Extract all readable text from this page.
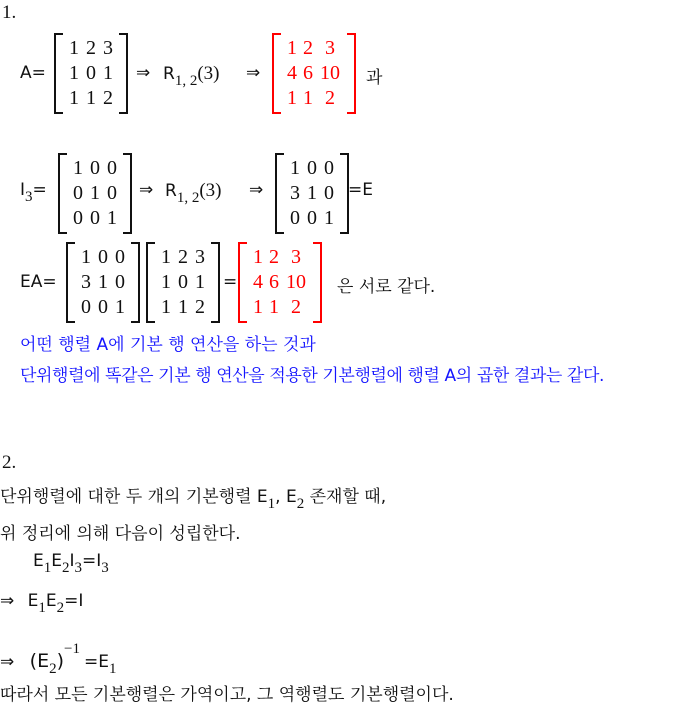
1.
A=
1 2 3
1 0 1
1 1 2
⇒ $R_{1, 2}(3)$ ⇒
1 2 3
4 6 10
1 1 2
과
$I_3=$
1 0 0
0 1 0
0 0 1
⇒ $R_{1, 2}(3)$ ⇒
1 0 0
3 1 0
0 0 1
=E
EA=
1 0 0
3 1 0
0 0 1
1 2 3
1 0 1
1 1 2
=
1 2 3
4 6 10
1 1 2
은 서로 같다.
어떤 행렬 A에 기본 행 연산을 하는 것과
단위행렬에 똑같은 기본 행 연산을 적용한 기본행렬에 행렬 A의 곱한 결과는 같다.
2.
단위행렬에 대한 두 개의 기본행렬 $E_1$, $E_2$ 존재할 때,
위 정리에 의해 다음이 성립한다.
$E_1E_2I_3=I_3$
⇒ $E_1E_2=I$
⇒ $(E_2)^{-1}=E_1$
따라서 모든 기본행렬은 가역이고, 그 역행렬도 기본행렬이다.
